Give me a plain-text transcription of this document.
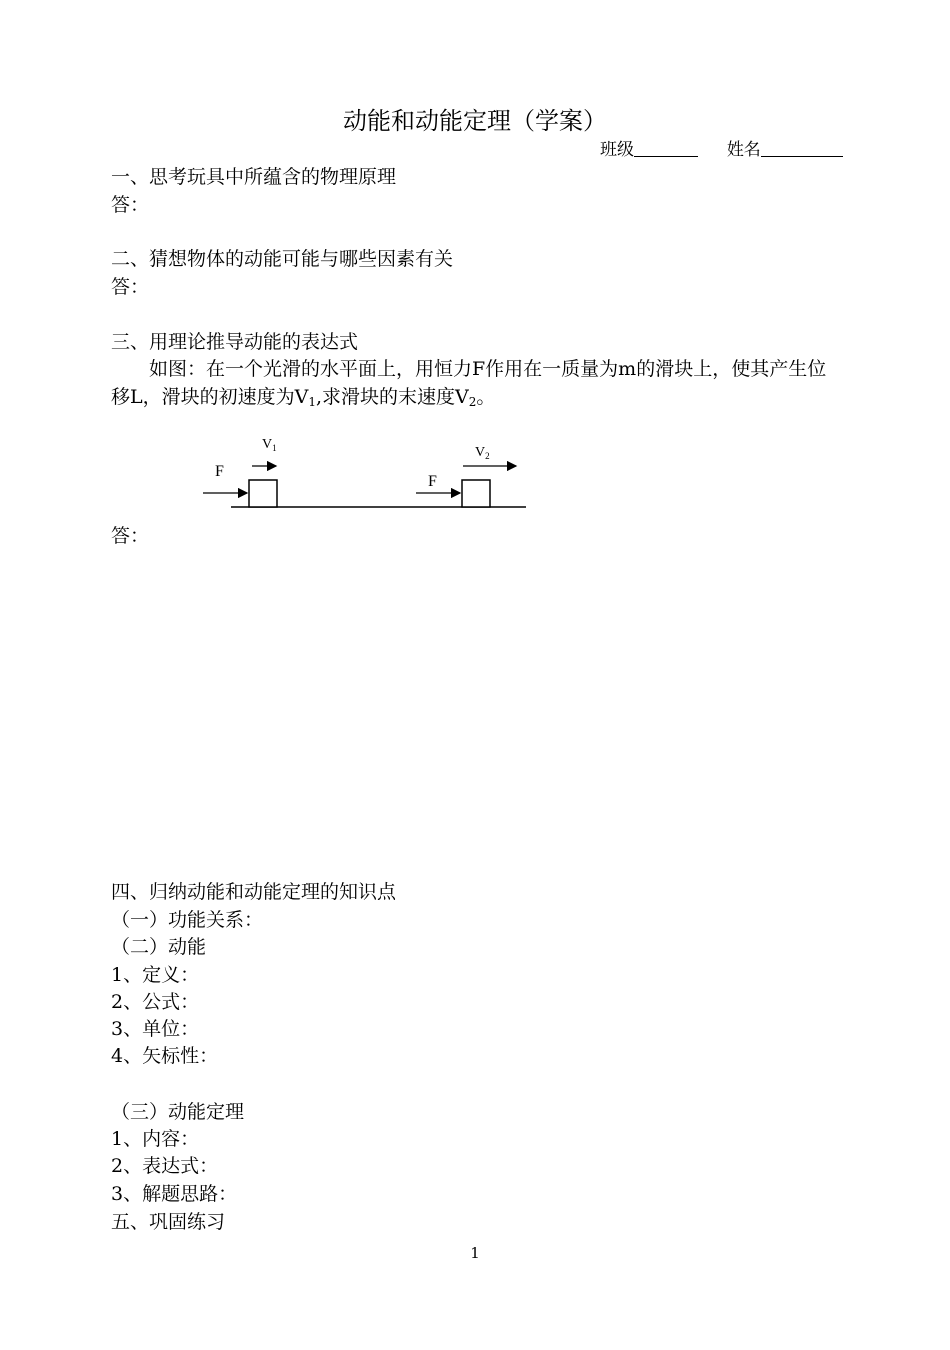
动能和动能定理（学案）
班级	姓名
一、思考玩具中所蕴含的物理原理
答：
二、猜想物体的动能可能与哪些因素有关
答：
三、用理论推导动能的表达式
　　如图：在一个光滑的水平面上，用恒力F作用在一质量为m的滑块上，使其产生位
移L，滑块的初速度为$V_1$,求滑块的末速度$V_2$。
F
F
$V_1$	$V_2$
答：
四、归纳动能和动能定理的知识点
（一）功能关系：
（二）动能
1、定义：
2、公式：
3、单位：
4、矢标性：
（三）动能定理
1、内容：
2、表达式：
3、解题思路：
五、巩固练习
1
